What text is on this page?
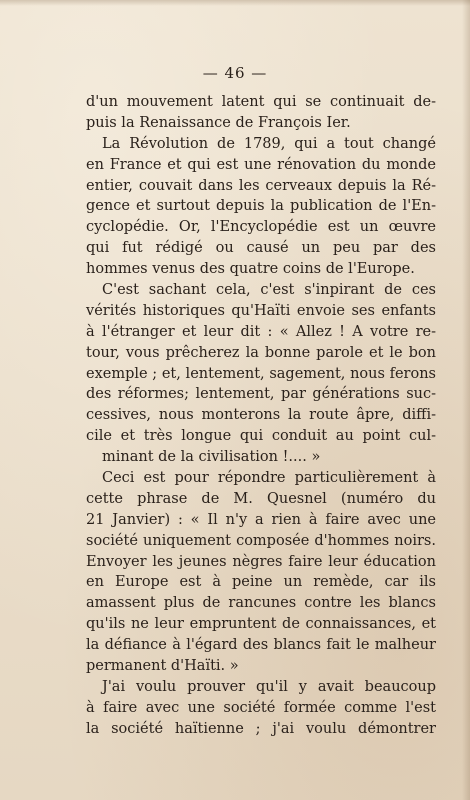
— 46 —
d'un mouvement latent qui se continuait de-
puis la Renaissance de François Ier.
La Révolution de 1789, qui a tout changé
en France et qui est une rénovation du monde
entier, couvait dans les cerveaux depuis la Ré-
gence et surtout depuis la publication de l'En-
cyclopédie. Or, l'Encyclopédie est un œuvre
qui fut rédigé ou causé un peu par des
hommes venus des quatre coins de l'Europe.
C'est sachant cela, c'est s'inpirant de ces
vérités historiques qu'Haïti envoie ses enfants
à l'étranger et leur dit : « Allez ! A votre re-
tour, vous prêcherez la bonne parole et le bon
exemple ; et, lentement, sagement, nous ferons
des réformes; lentement, par générations suc-
cessives, nous monterons la route âpre, diffi-
cile et très longue qui conduit au point cul-
minant de la civilisation !.... »
Ceci est pour répondre particulièrement à
cette phrase de M. Quesnel (numéro du
21 Janvier) : « Il n'y a rien à faire avec une
société uniquement composée d'hommes noirs.
Envoyer les jeunes nègres faire leur éducation
en Europe est à peine un remède, car ils
amassent plus de rancunes contre les blancs
qu'ils ne leur empruntent de connaissances, et
la défiance à l'égard des blancs fait le malheur
permanent d'Haïti. »
J'ai voulu prouver qu'il y avait beaucoup
à faire avec une société formée comme l'est
la société haïtienne ; j'ai voulu démontrer
